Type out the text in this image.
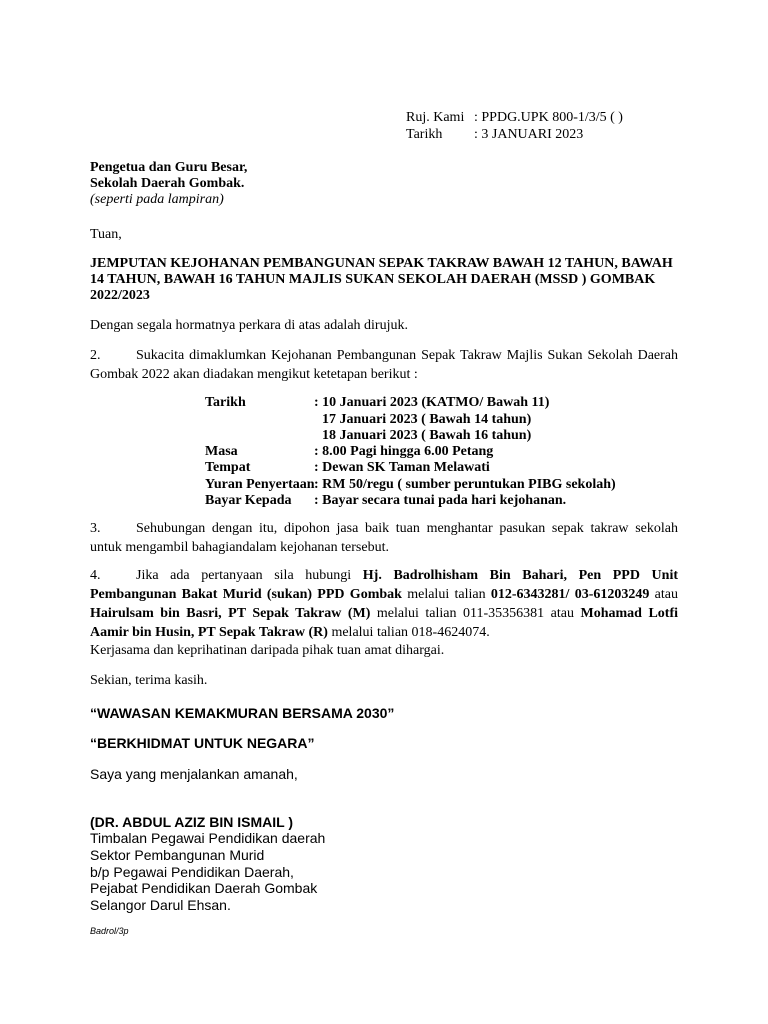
Ruj. Kami : PPDG.UPK 800-1/3/5 ( )
Tarikh : 3 JANUARI 2023
Pengetua dan Guru Besar,
Sekolah Daerah Gombak.
(seperti pada lampiran)
Tuan,
JEMPUTAN KEJOHANAN PEMBANGUNAN SEPAK TAKRAW BAWAH 12 TAHUN, BAWAH 14 TAHUN, BAWAH 16 TAHUN MAJLIS SUKAN SEKOLAH DAERAH (MSSD ) GOMBAK 2022/2023
Dengan segala hormatnya perkara di atas adalah dirujuk.
2.	Sukacita dimaklumkan Kejohanan Pembangunan Sepak Takraw Majlis Sukan Sekolah Daerah Gombak 2022 akan diadakan mengikut ketetapan berikut :
Tarikh	: 10 Januari 2023 (KATMO/ Bawah 11)
17 Januari 2023 ( Bawah 14 tahun)
18 Januari 2023 ( Bawah 16 tahun)
Masa	: 8.00 Pagi hingga 6.00 Petang
Tempat	: Dewan SK Taman Melawati
Yuran Penyertaan : RM 50/regu ( sumber peruntukan PIBG sekolah)
Bayar Kepada : Bayar secara tunai pada hari kejohanan.
3.	Sehubungan dengan itu, dipohon jasa baik tuan menghantar pasukan sepak takraw sekolah untuk mengambil bahagiandalam kejohanan tersebut.
4.	Jika ada pertanyaan sila hubungi Hj. Badrolhisham Bin Bahari, Pen PPD Unit Pembangunan Bakat Murid (sukan) PPD Gombak melalui talian 012-6343281/ 03-61203249 atau Hairulsam bin Basri, PT Sepak Takraw (M) melalui talian 011-35356381 atau Mohamad Lotfi Aamir bin Husin, PT Sepak Takraw (R) melalui talian 018-4624074.
Kerjasama dan keprihatinan daripada pihak tuan amat dihargai.
Sekian, terima kasih.
“WAWASAN KEMAKMURAN BERSAMA 2030”
“BERKHIDMAT UNTUK NEGARA”
Saya yang menjalankan amanah,
(DR. ABDUL AZIZ BIN ISMAIL )
Timbalan Pegawai Pendidikan daerah
Sektor Pembangunan Murid
b/p Pegawai Pendidikan Daerah,
Pejabat Pendidikan Daerah Gombak
Selangor Darul Ehsan.
Badrol/3p
